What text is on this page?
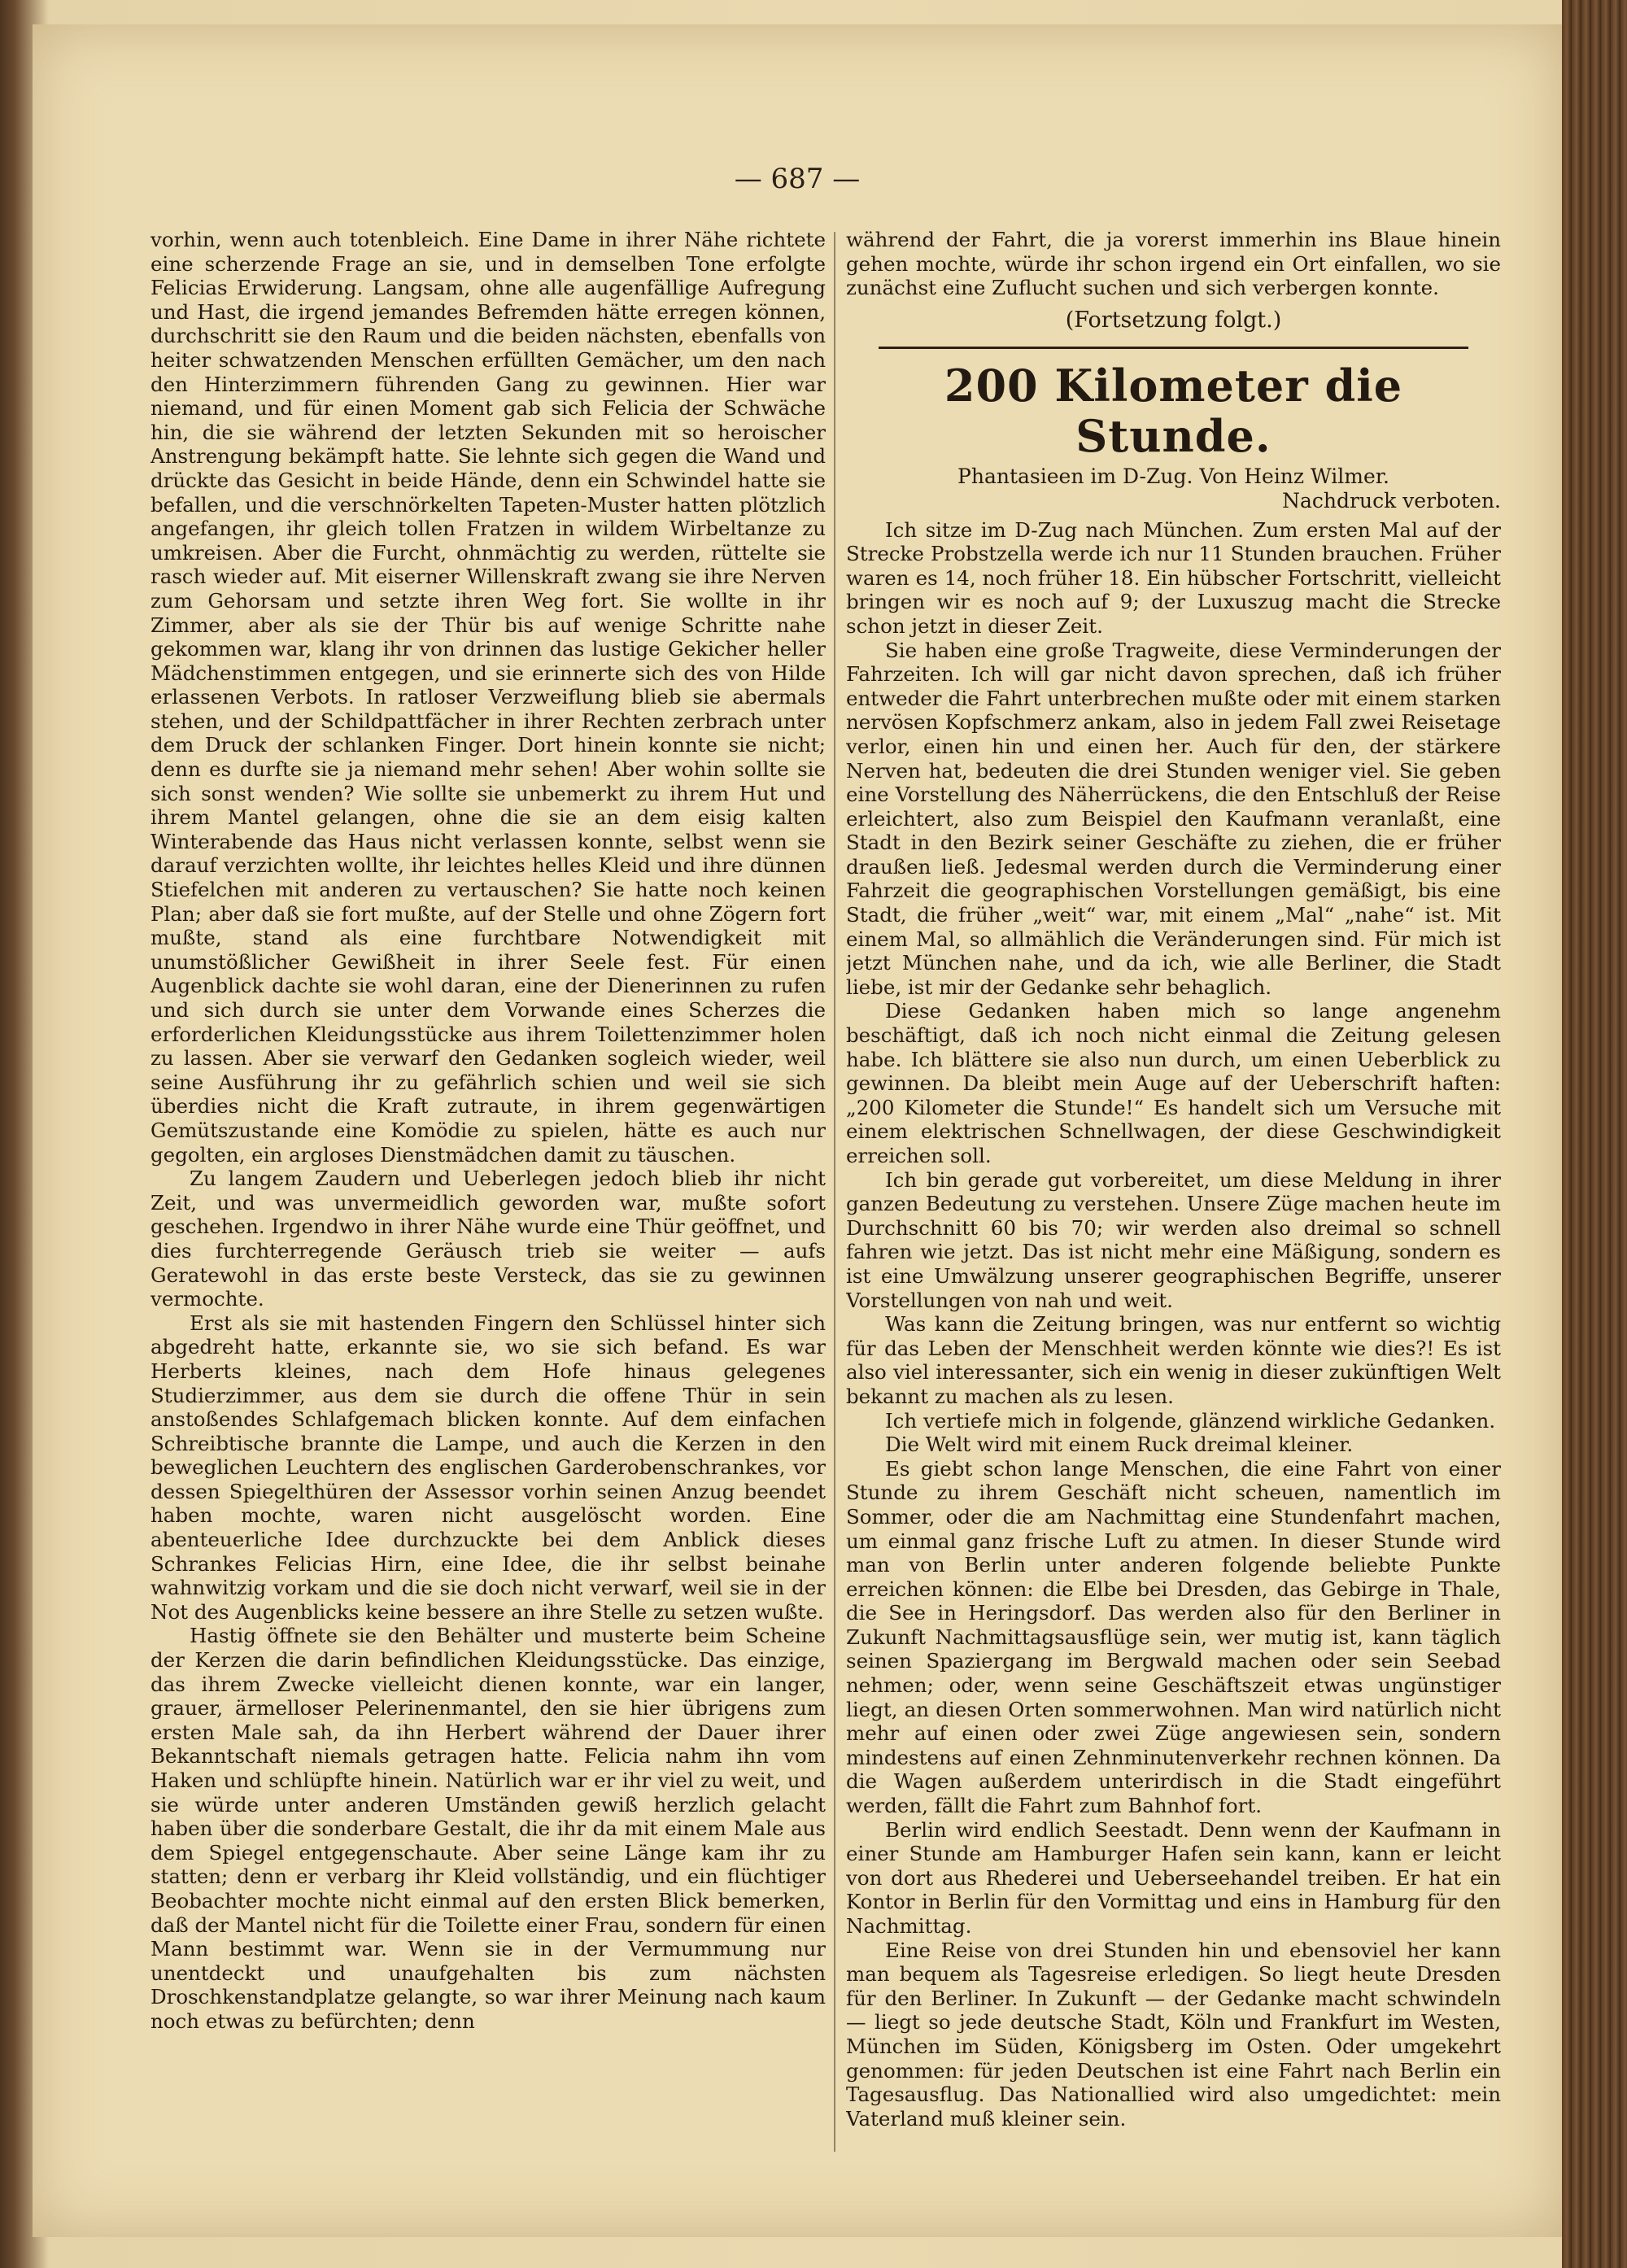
— 687 —

vorhin, wenn auch totenbleich. Eine Dame in ihrer Nähe richtete eine scherzende Frage an sie, und in demselben Tone erfolgte Felicias Erwiderung. Langsam, ohne alle augenfällige Aufregung und Hast, die irgend jemandes Befremden hätte erregen können, durchschritt sie den Raum und die beiden nächsten, ebenfalls von heiter schwatzenden Menschen erfüllten Gemächer, um den nach den Hinterzimmern führenden Gang zu gewinnen. Hier war niemand, und für einen Moment gab sich Felicia der Schwäche hin, die sie während der letzten Sekunden mit so heroischer Anstrengung bekämpft hatte. Sie lehnte sich gegen die Wand und drückte das Gesicht in beide Hände, denn ein Schwindel hatte sie befallen, und die verschnörkelten Tapeten-Muster hatten plötzlich angefangen, ihr gleich tollen Fratzen in wildem Wirbeltanze zu umkreisen. Aber die Furcht, ohnmächtig zu werden, rüttelte sie rasch wieder auf. Mit eiserner Willenskraft zwang sie ihre Nerven zum Gehorsam und setzte ihren Weg fort. Sie wollte in ihr Zimmer, aber als sie der Thür bis auf wenige Schritte nahe gekommen war, klang ihr von drinnen das lustige Gekicher heller Mädchenstimmen entgegen, und sie erinnerte sich des von Hilde erlassenen Verbots. In ratloser Verzweiflung blieb sie abermals stehen, und der Schildpattfächer in ihrer Rechten zerbrach unter dem Druck der schlanken Finger. Dort hinein konnte sie nicht; denn es durfte sie ja niemand mehr sehen! Aber wohin sollte sie sich sonst wenden? Wie sollte sie unbemerkt zu ihrem Hut und ihrem Mantel gelangen, ohne die sie an dem eisig kalten Winterabende das Haus nicht verlassen konnte, selbst wenn sie darauf verzichten wollte, ihr leichtes helles Kleid und ihre dünnen Stiefelchen mit anderen zu vertauschen? Sie hatte noch keinen Plan; aber daß sie fort mußte, auf der Stelle und ohne Zögern fort mußte, stand als eine furchtbare Notwendigkeit mit unumstößlicher Gewißheit in ihrer Seele fest. Für einen Augenblick dachte sie wohl daran, eine der Dienerinnen zu rufen und sich durch sie unter dem Vorwande eines Scherzes die erforderlichen Kleidungsstücke aus ihrem Toilettenzimmer holen zu lassen. Aber sie verwarf den Gedanken sogleich wieder, weil seine Ausführung ihr zu gefährlich schien und weil sie sich überdies nicht die Kraft zutraute, in ihrem gegenwärtigen Gemütszustande eine Komödie zu spielen, hätte es auch nur gegolten, ein argloses Dienstmädchen damit zu täuschen.

Zu langem Zaudern und Ueberlegen jedoch blieb ihr nicht Zeit, und was unvermeidlich geworden war, mußte sofort geschehen. Irgendwo in ihrer Nähe wurde eine Thür geöffnet, und dies furchterregende Geräusch trieb sie weiter — aufs Geratewohl in das erste beste Versteck, das sie zu gewinnen vermochte.

Erst als sie mit hastenden Fingern den Schlüssel hinter sich abgedreht hatte, erkannte sie, wo sie sich befand. Es war Herberts kleines, nach dem Hofe hinaus gelegenes Studierzimmer, aus dem sie durch die offene Thür in sein anstoßendes Schlafgemach blicken konnte. Auf dem einfachen Schreibtische brannte die Lampe, und auch die Kerzen in den beweglichen Leuchtern des englischen Garderobenschrankes, vor dessen Spiegelthüren der Assessor vorhin seinen Anzug beendet haben mochte, waren nicht ausgelöscht worden. Eine abenteuerliche Idee durchzuckte bei dem Anblick dieses Schrankes Felicias Hirn, eine Idee, die ihr selbst beinahe wahnwitzig vorkam und die sie doch nicht verwarf, weil sie in der Not des Augenblicks keine bessere an ihre Stelle zu setzen wußte.

Hastig öffnete sie den Behälter und musterte beim Scheine der Kerzen die darin befindlichen Kleidungsstücke. Das einzige, das ihrem Zwecke vielleicht dienen konnte, war ein langer, grauer, ärmelloser Pelerinenmantel, den sie hier übrigens zum ersten Male sah, da ihn Herbert während der Dauer ihrer Bekanntschaft niemals getragen hatte. Felicia nahm ihn vom Haken und schlüpfte hinein. Natürlich war er ihr viel zu weit, und sie würde unter anderen Umständen gewiß herzlich gelacht haben über die sonderbare Gestalt, die ihr da mit einem Male aus dem Spiegel entgegenschaute. Aber seine Länge kam ihr zu statten; denn er verbarg ihr Kleid vollständig, und ein flüchtiger Beobachter mochte nicht einmal auf den ersten Blick bemerken, daß der Mantel nicht für die Toilette einer Frau, sondern für einen Mann bestimmt war. Wenn sie in der Vermummung nur unentdeckt und unaufgehalten bis zum nächsten Droschkenstandplatze gelangte, so war ihrer Meinung nach kaum noch etwas zu befürchten; denn

während der Fahrt, die ja vorerst immerhin ins Blaue hinein gehen mochte, würde ihr schon irgend ein Ort einfallen, wo sie zunächst eine Zuflucht suchen und sich verbergen konnte.

(Fortsetzung folgt.)

200 Kilometer die Stunde.

Phantasieen im D-Zug. Von Heinz Wilmer.

Nachdruck verboten.

Ich sitze im D-Zug nach München. Zum ersten Mal auf der Strecke Probstzella werde ich nur 11 Stunden brauchen. Früher waren es 14, noch früher 18. Ein hübscher Fortschritt, vielleicht bringen wir es noch auf 9; der Luxuszug macht die Strecke schon jetzt in dieser Zeit.

Sie haben eine große Tragweite, diese Verminderungen der Fahrzeiten. Ich will gar nicht davon sprechen, daß ich früher entweder die Fahrt unterbrechen mußte oder mit einem starken nervösen Kopfschmerz ankam, also in jedem Fall zwei Reisetage verlor, einen hin und einen her. Auch für den, der stärkere Nerven hat, bedeuten die drei Stunden weniger viel. Sie geben eine Vorstellung des Näherrückens, die den Entschluß der Reise erleichtert, also zum Beispiel den Kaufmann veranlaßt, eine Stadt in den Bezirk seiner Geschäfte zu ziehen, die er früher draußen ließ. Jedesmal werden durch die Verminderung einer Fahrzeit die geographischen Vorstellungen gemäßigt, bis eine Stadt, die früher „weit“ war, mit einem „Mal“ „nahe“ ist. Mit einem Mal, so allmählich die Veränderungen sind. Für mich ist jetzt München nahe, und da ich, wie alle Berliner, die Stadt liebe, ist mir der Gedanke sehr behaglich.

Diese Gedanken haben mich so lange angenehm beschäftigt, daß ich noch nicht einmal die Zeitung gelesen habe. Ich blättere sie also nun durch, um einen Ueberblick zu gewinnen. Da bleibt mein Auge auf der Ueberschrift haften: „200 Kilometer die Stunde!“ Es handelt sich um Versuche mit einem elektrischen Schnellwagen, der diese Geschwindigkeit erreichen soll.

Ich bin gerade gut vorbereitet, um diese Meldung in ihrer ganzen Bedeutung zu verstehen. Unsere Züge machen heute im Durchschnitt 60 bis 70; wir werden also dreimal so schnell fahren wie jetzt. Das ist nicht mehr eine Mäßigung, sondern es ist eine Umwälzung unserer geographischen Begriffe, unserer Vorstellungen von nah und weit.

Was kann die Zeitung bringen, was nur entfernt so wichtig für das Leben der Menschheit werden könnte wie dies?! Es ist also viel interessanter, sich ein wenig in dieser zukünftigen Welt bekannt zu machen als zu lesen.

Ich vertiefe mich in folgende, glänzend wirkliche Gedanken.

Die Welt wird mit einem Ruck dreimal kleiner.

Es giebt schon lange Menschen, die eine Fahrt von einer Stunde zu ihrem Geschäft nicht scheuen, namentlich im Sommer, oder die am Nachmittag eine Stundenfahrt machen, um einmal ganz frische Luft zu atmen. In dieser Stunde wird man von Berlin unter anderen folgende beliebte Punkte erreichen können: die Elbe bei Dresden, das Gebirge in Thale, die See in Heringsdorf. Das werden also für den Berliner in Zukunft Nachmittagsausflüge sein, wer mutig ist, kann täglich seinen Spaziergang im Bergwald machen oder sein Seebad nehmen; oder, wenn seine Geschäftszeit etwas ungünstiger liegt, an diesen Orten sommerwohnen. Man wird natürlich nicht mehr auf einen oder zwei Züge angewiesen sein, sondern mindestens auf einen Zehnminutenverkehr rechnen können. Da die Wagen außerdem unterirdisch in die Stadt eingeführt werden, fällt die Fahrt zum Bahnhof fort.

Berlin wird endlich Seestadt. Denn wenn der Kaufmann in einer Stunde am Hamburger Hafen sein kann, kann er leicht von dort aus Rhederei und Ueberseehandel treiben. Er hat ein Kontor in Berlin für den Vormittag und eins in Hamburg für den Nachmittag.

Eine Reise von drei Stunden hin und ebensoviel her kann man bequem als Tagesreise erledigen. So liegt heute Dresden für den Berliner. In Zukunft — der Gedanke macht schwindeln — liegt so jede deutsche Stadt, Köln und Frankfurt im Westen, München im Süden, Königsberg im Osten. Oder umgekehrt genommen: für jeden Deutschen ist eine Fahrt nach Berlin ein Tagesausflug. Das Nationallied wird also umgedichtet: mein Vaterland muß kleiner sein.
